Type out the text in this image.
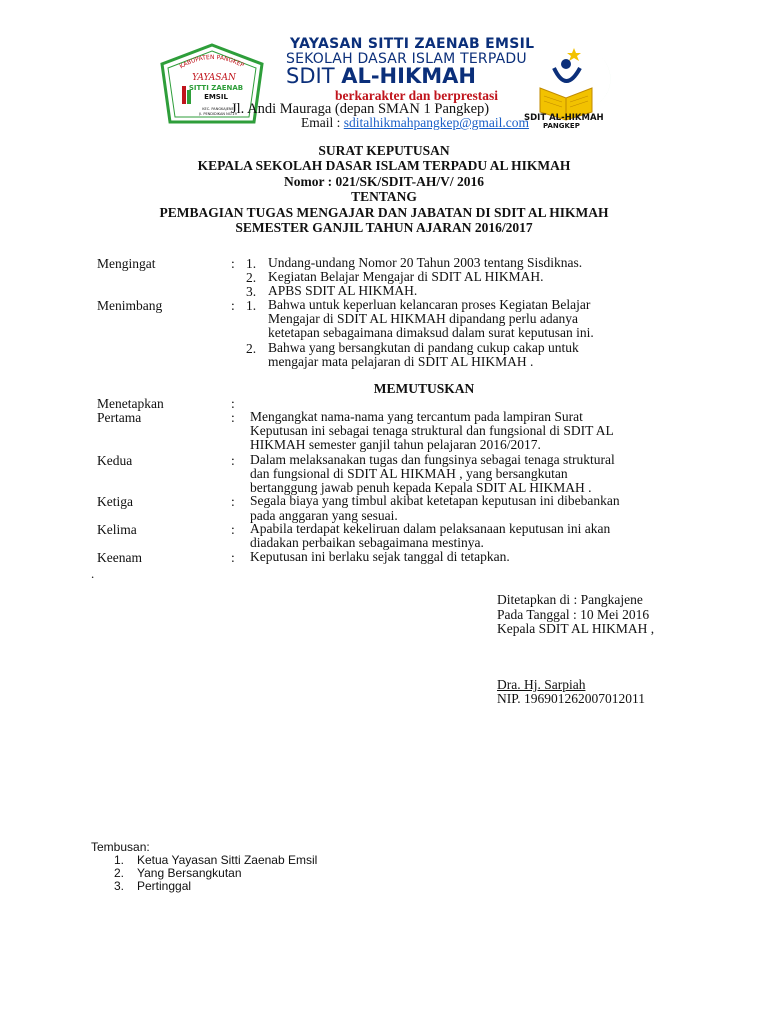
KABUPATEN PANGKEP
YAYASAN
SITTI ZAENAB
EMSIL
KEC. PANGKAJENE
Jl. PENDIDIKAN NO.19
YAYASAN SITTI ZAENAB EMSIL
SEKOLAH DASAR ISLAM TERPADU
SDIT AL-HIKMAH
berkarakter dan berprestasi
Jl. Andi Mauraga (depan SMAN 1 Pangkep)
Email : sditalhikmahpangkep@gmail.com
SDIT AL-HIKMAH
PANGKEP
SURAT KEPUTUSAN
KEPALA SEKOLAH DASAR ISLAM TERPADU AL HIKMAH
Nomor : 021/SK/SDIT-AH/V/ 2016
TENTANG
PEMBAGIAN TUGAS MENGAJAR DAN JABATAN DI SDIT AL HIKMAH
SEMESTER GANJIL TAHUN AJARAN 2016/2017
Mengingat	: 1. Undang-undang Nomor 20 Tahun 2003 tentang Sisdiknas.
2. Kegiatan Belajar Mengajar di SDIT AL HIKMAH.
3. APBS SDIT AL HIKMAH.
Menimbang	: 1. Bahwa untuk keperluan kelancaran proses Kegiatan Belajar
Mengajar di SDIT AL HIKMAH dipandang perlu adanya
ketetapan sebagaimana dimaksud dalam surat keputusan ini.
2. Bahwa yang bersangkutan di pandang cukup cakap untuk
mengajar mata pelajaran di SDIT AL HIKMAH .
MEMUTUSKAN
Menetapkan	:
Pertama	: Mengangkat nama-nama yang tercantum pada lampiran Surat
Keputusan ini sebagai tenaga struktural dan fungsional di SDIT AL
HIKMAH semester ganjil tahun pelajaran 2016/2017.
Kedua	: Dalam melaksanakan tugas dan fungsinya sebagai tenaga struktural
dan fungsional di SDIT AL HIKMAH , yang bersangkutan
bertanggung jawab penuh kepada Kepala SDIT AL HIKMAH .
Ketiga	: Segala biaya yang timbul akibat ketetapan keputusan ini dibebankan
pada anggaran yang sesuai.
Kelima	: Apabila terdapat kekeliruan dalam pelaksanaan keputusan ini akan
diadakan perbaikan sebagaimana mestinya.
Keenam	: Keputusan ini berlaku sejak tanggal di tetapkan.
.
Ditetapkan di : Pangkajene
Pada Tanggal : 10 Mei 2016
Kepala SDIT AL HIKMAH ,
Dra. Hj. Sarpiah
NIP. 196901262007012011
Tembusan:
1. Ketua Yayasan Sitti Zaenab Emsil
2. Yang Bersangkutan
3. Pertinggal
